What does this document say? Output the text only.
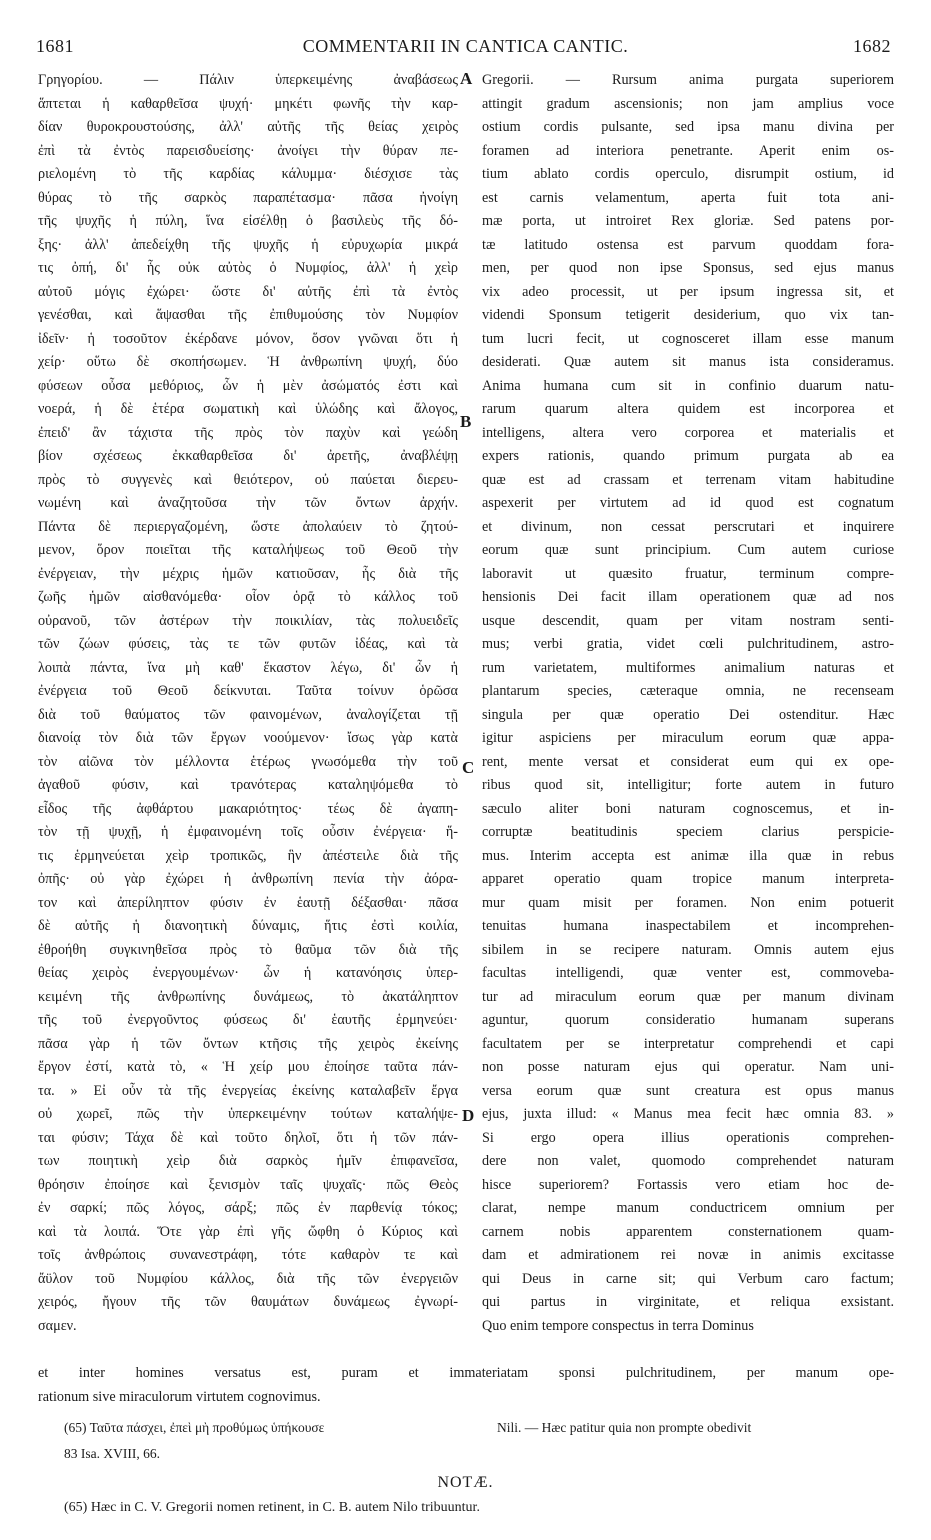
1681	COMMENTARII IN CANTICA CANTIC.	1682
Γρηγορίου. — Πάλιν ὑπερκειμένης ἀναβάσεως
ἅπτεται ἡ καθαρθεῖσα ψυχή· μηκέτι φωνῆς τὴν καρ-
δίαν θυροκρουστούσης, ἀλλ' αὐτῆς τῆς θείας χειρὸς
ἐπὶ τὰ ἐντὸς παρεισδυείσης· ἀνοίγει τὴν θύραν πε-
ριελομένη τὸ τῆς καρδίας κάλυμμα· διέσχισε τὰς
θύρας τὸ τῆς σαρκὸς παραπέτασμα· πᾶσα ἠνοίγη
τῆς ψυχῆς ἡ πύλη, ἵνα εἰσέλθῃ ὁ βασιλεὺς τῆς δό-
ξης· ἀλλ' ἀπεδείχθη τῆς ψυχῆς ἡ εὐρυχωρία μικρά
τις ὀπή, δι' ἧς οὐκ αὐτὸς ὁ Νυμφίος, ἀλλ' ἡ χεὶρ
αὐτοῦ μόγις ἐχώρει· ὥστε δι' αὐτῆς ἐπὶ τὰ ἐντὸς
γενέσθαι, καὶ ἅψασθαι τῆς ἐπιθυμούσης τὸν Νυμφίον
ἰδεῖν· ἡ τοσοῦτον ἐκέρδανε μόνον, ὅσον γνῶναι ὅτι ἡ
χείρ· οὕτω δὲ σκοπήσωμεν. Ἡ ἀνθρωπίνη ψυχή, δύο
φύσεων οὖσα μεθόριος, ὧν ἡ μὲν ἀσώματός ἐστι καὶ
νοερά, ἡ δὲ ἑτέρα σωματικὴ καὶ ὑλώδης καὶ ἄλογος,
ἐπειδ' ἂν τάχιστα τῆς πρὸς τὸν παχὺν καὶ γεώδη
βίον σχέσεως ἐκκαθαρθεῖσα δι' ἀρετῆς, ἀναβλέψῃ
πρὸς τὸ συγγενὲς καὶ θειότερον, οὐ παύεται διερευ-
νωμένη καὶ ἀναζητοῦσα τὴν τῶν ὄντων ἀρχήν.
Πάντα δὲ περιεργαζομένη, ὥστε ἀπολαύειν τὸ ζητού-
μενον, ὅρον ποιεῖται τῆς καταλήψεως τοῦ Θεοῦ τὴν
ἐνέργειαν, τὴν μέχρις ἡμῶν κατιοῦσαν, ἧς διὰ τῆς
ζωῆς ἡμῶν αἰσθανόμεθα· οἷον ὁρᾷ τὸ κάλλος τοῦ
οὐρανοῦ, τῶν ἀστέρων τὴν ποικιλίαν, τὰς πολυειδεῖς
τῶν ζώων φύσεις, τὰς τε τῶν φυτῶν ἰδέας, καὶ τὰ
λοιπὰ πάντα, ἵνα μὴ καθ' ἕκαστον λέγω, δι' ὧν ἡ
ἐνέργεια τοῦ Θεοῦ δείκνυται. Ταῦτα τοίνυν ὁρῶσα
διὰ τοῦ θαύματος τῶν φαινομένων, ἀναλογίζεται τῇ
διανοίᾳ τὸν διὰ τῶν ἔργων νοούμενον· ἴσως γὰρ κατὰ
τὸν αἰῶνα τὸν μέλλοντα ἑτέρως γνωσόμεθα τὴν τοῦ
ἀγαθοῦ φύσιν, καὶ τρανότερας καταληψόμεθα τὸ
εἶδος τῆς ἀφθάρτου μακαριότητος· τέως δὲ ἀγαπη-
τὸν τῇ ψυχῇ, ἡ ἐμφαινομένη τοῖς οὖσιν ἐνέργεια· ἥ-
τις ἑρμηνεύεται χεὶρ τροπικῶς, ἣν ἀπέστειλε διὰ τῆς
ὀπῆς· οὐ γὰρ ἐχώρει ἡ ἀνθρωπίνη πενία τὴν ἀόρα-
τον καὶ ἀπερίληπτον φύσιν ἐν ἑαυτῇ δέξασθαι· πᾶσα
δὲ αὐτῆς ἡ διανοητικὴ δύναμις, ἥτις ἐστὶ κοιλία,
ἐθροήθη συγκινηθεῖσα πρὸς τὸ θαῦμα τῶν διὰ τῆς
θείας χειρὸς ἐνεργουμένων· ὧν ἡ κατανόησις ὑπερ-
κειμένη τῆς ἀνθρωπίνης δυνάμεως, τὸ ἀκατάληπτον
τῆς τοῦ ἐνεργοῦντος φύσεως δι' ἑαυτῆς ἑρμηνεύει·
πᾶσα γὰρ ἡ τῶν ὄντων κτῆσις τῆς χειρὸς ἐκείνης
ἔργον ἐστί, κατὰ τὸ, « Ἡ χείρ μου ἐποίησε ταῦτα πάν-
τα. » Εἰ οὖν τὰ τῆς ἐνεργείας ἐκείνης καταλαβεῖν ἔργα
οὐ χωρεῖ, πῶς τὴν ὑπερκειμένην τούτων καταλήψε-
ται φύσιν; Τάχα δὲ καὶ τοῦτο δηλοῖ, ὅτι ἡ τῶν πάν-
των ποιητικὴ χεὶρ διὰ σαρκὸς ἡμῖν ἐπιφανεῖσα,
θρόησιν ἐποίησε καὶ ξενισμὸν ταῖς ψυχαῖς· πῶς Θεὸς
ἐν σαρκί; πῶς λόγος, σάρξ; πῶς ἐν παρθενίᾳ τόκος;
καὶ τὰ λοιπά. Ὅτε γὰρ ἐπὶ γῆς ὤφθη ὁ Κύριος καὶ
τοῖς ἀνθρώποις συνανεστράφη, τότε καθαρὸν τε καὶ
ἄϋλον τοῦ Νυμφίου κάλλος, διὰ τῆς τῶν ἐνεργειῶν
χειρός, ἤγουν τῆς τῶν θαυμάτων δυνάμεως ἐγνωρί-
σαμεν.
Gregorii. — Rursum anima purgata superiorem
attingit gradum ascensionis; non jam amplius voce
ostium cordis pulsante, sed ipsa manu divina per
foramen ad interiora penetrante. Aperit enim os-
tium ablato cordis operculo, disrumpit ostium, id
est carnis velamentum, aperta fuit tota ani-
mæ porta, ut introiret Rex gloriæ. Sed patens por-
tæ latitudo ostensa est parvum quoddam fora-
men, per quod non ipse Sponsus, sed ejus manus
vix adeo processit, ut per ipsum ingressa sit, et
videndi Sponsum tetigerit desiderium, quo vix tan-
tum lucri fecit, ut cognosceret illam esse manum
desiderati. Quæ autem sit manus ista consideramus.
Anima humana cum sit in confinio duarum natu-
rarum quarum altera quidem est incorporea et
intelligens, altera vero corporea et materialis et
expers rationis, quando primum purgata ab ea
quæ est ad crassam et terrenam vitam habitudine
aspexerit per virtutem ad id quod est cognatum
et divinum, non cessat perscrutari et inquirere
eorum quæ sunt principium. Cum autem curiose
laboravit ut quæsito fruatur, terminum compre-
hensionis Dei facit illam operationem quæ ad nos
usque descendit, quam per vitam nostram senti-
mus; verbi gratia, videt cœli pulchritudinem, astro-
rum varietatem, multiformes animalium naturas et
plantarum species, cæteraque omnia, ne recenseam
singula per quæ operatio Dei ostenditur. Hæc
igitur aspiciens per miraculum eorum quæ appa-
rent, mente versat et considerat eum qui ex ope-
ribus quod sit, intelligitur; forte autem in futuro
sæculo aliter boni naturam cognoscemus, et in-
corruptæ beatitudinis speciem clarius perspicie-
mus. Interim accepta est animæ illa quæ in rebus
apparet operatio quam tropice manum interpreta-
mur quam misit per foramen. Non enim potuerit
tenuitas humana inaspectabilem et incomprehen-
sibilem in se recipere naturam. Omnis autem ejus
facultas intelligendi, quæ venter est, commoveba-
tur ad miraculum eorum quæ per manum divinam
aguntur, quorum consideratio humanam superans
facultatem per se interpretatur comprehendi et capi
non posse naturam ejus qui operatur. Nam uni-
versa eorum quæ sunt creatura est opus manus
ejus, juxta illud: « Manus mea fecit hæc omnia 83. »
Si ergo opera illius operationis comprehen-
dere non valet, quomodo comprehendet naturam
hisce superiorem? Fortassis vero etiam hoc de-
clarat, nempe manum conductricem omnium per
carnem nobis apparentem consternationem quam-
dam et admirationem rei novæ in animis excitasse
qui Deus in carne sit; qui Verbum caro factum;
qui partus in virginitate, et reliqua exsistant.
Quo enim tempore conspectus in terra Dominus
A
B
C
D
et inter homines versatus est, puram et immateriatam sponsi pulchritudinem, per manum ope-
rationum sive miraculorum virtutem cognovimus.
(65) Ταῦτα πάσχει, ἐπεὶ μὴ προθύμως ὑπήκουσε	Nili. — Hæc patitur quia non prompte obedivit
83 Isa. XVIII, 66.
NOTÆ.
(65) Hæc in C. V. Gregorii nomen retinent, in C. B. autem Nilo tribuuntur.
